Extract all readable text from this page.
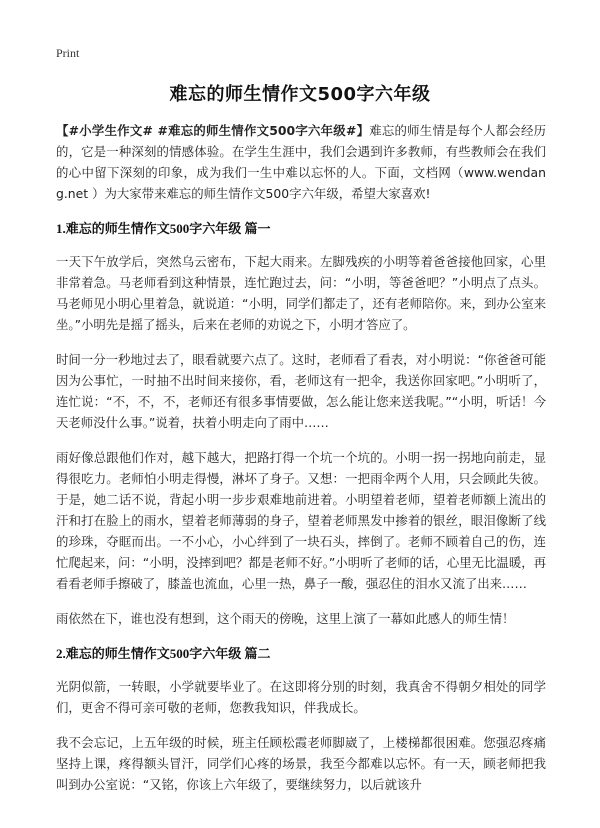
Print
难忘的师生情作文500字六年级

【#小学生作文# #难忘的师生情作文500字六年级#】难忘的师生情是每个人都会经历的，它是一种深刻的情感体验。在学生生涯中，我们会遇到许多教师，有些教师会在我们的心中留下深刻的印象，成为我们一生中难以忘怀的人。下面，文档网（www.wendang.net ）为大家带来难忘的师生情作文500字六年级，希望大家喜欢!

1.难忘的师生情作文500字六年级 篇一

一天下午放学后，突然乌云密布，下起大雨来。左脚残疾的小明等着爸爸接他回家，心里非常着急。马老师看到这种情景，连忙跑过去，问：“小明，等爸爸吧？”小明点了点头。马老师见小明心里着急，就说道：“小明，同学们都走了，还有老师陪你。来，到办公室来坐。”小明先是摇了摇头，后来在老师的劝说之下，小明才答应了。

时间一分一秒地过去了，眼看就要六点了。这时，老师看了看表，对小明说：“你爸爸可能因为公事忙，一时抽不出时间来接你，看，老师这有一把伞，我送你回家吧。”小明听了，连忙说：“不，不，不，老师还有很多事情要做，怎么能让您来送我呢。”“小明，听话！今天老师没什么事。”说着，扶着小明走向了雨中……

雨好像总跟他们作对，越下越大，把路打得一个坑一个坑的。小明一拐一拐地向前走，显得很吃力。老师怕小明走得慢，淋坏了身子。又想：一把雨伞两个人用，只会顾此失彼。于是，她二话不说，背起小明一步步艰难地前进着。小明望着老师，望着老师额上流出的汗和打在脸上的雨水，望着老师薄弱的身子，望着老师黑发中掺着的银丝，眼泪像断了线的珍珠，夺眶而出。一不小心，小心绊到了一块石头，摔倒了。老师不顾着自己的伤，连忙爬起来，问：“小明，没摔到吧？都是老师不好。”小明听了老师的话，心里无比温暖，再看看老师手擦破了，膝盖也流血，心里一热，鼻子一酸，强忍住的泪水又流了出来……

雨依然在下，谁也没有想到，这个雨天的傍晚，这里上演了一幕如此感人的师生情！

2.难忘的师生情作文500字六年级 篇二

光阴似箭，一转眼，小学就要毕业了。在这即将分别的时刻，我真舍不得朝夕相处的同学们，更舍不得可亲可敬的老师，您教我知识，伴我成长。

我不会忘记，上五年级的时候，班主任顾松霞老师脚崴了，上楼梯都很困难。您强忍疼痛坚持上课，疼得额头冒汗，同学们心疼的场景，我至今都难以忘怀。有一天，顾老师把我叫到办公室说：“又铭，你该上六年级了，要继续努力，以后就该升
